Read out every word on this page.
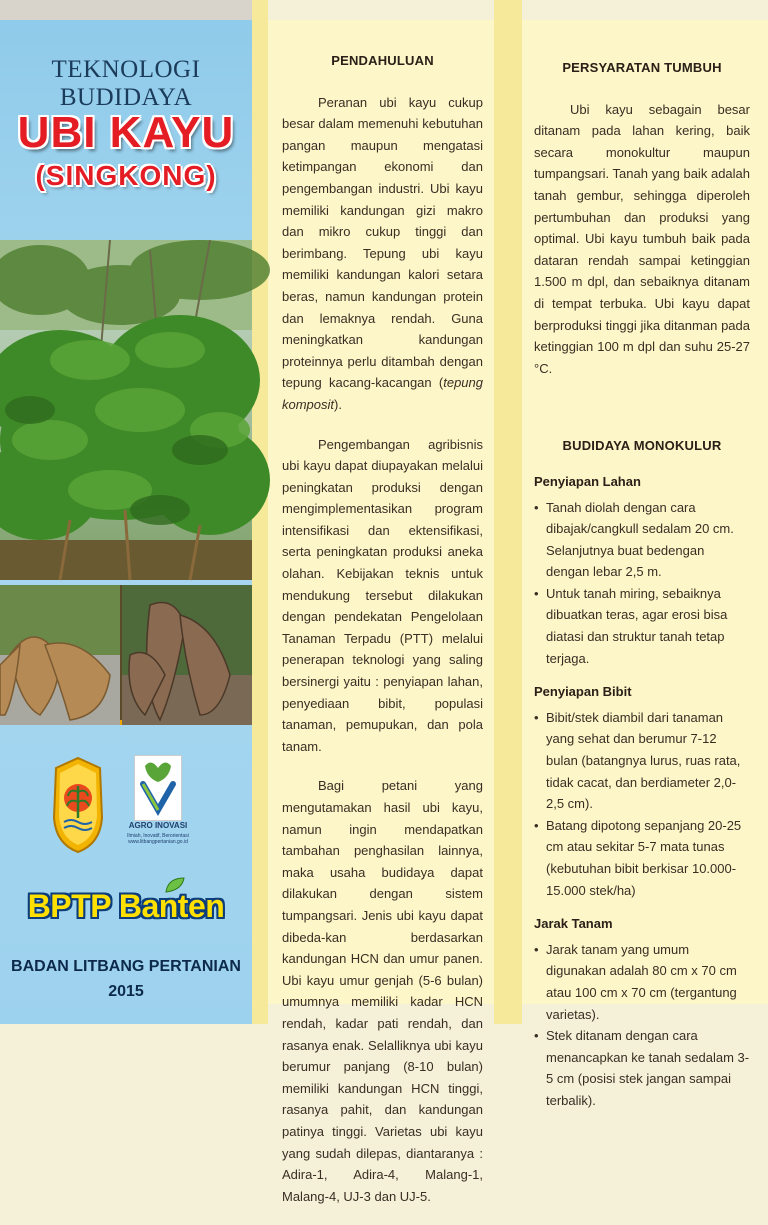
TEKNOLOGI BUDIDAYA
UBI KAYU
(SINGKONG)
AGRO INOVASI
Ilmiah, Inovatif, Berorientasi www.litbangpertanian.go.id
BPTP Banten
BADAN LITBANG PERTANIAN
2015
PENDAHULUAN

Peranan ubi kayu cukup besar dalam memenuhi kebutuhan pangan maupun mengatasi ketimpangan ekonomi dan pengembangan industri. Ubi kayu memiliki kandungan gizi makro dan mikro cukup tinggi dan berimbang. Tepung ubi kayu memiliki kandungan kalori setara beras, namun kandungan protein dan lemaknya rendah. Guna meningkatkan kandungan proteinnya perlu ditambah dengan tepung kacang-kacangan (tepung komposit).

Pengembangan agribisnis ubi kayu dapat diupayakan melalui peningkatan produksi dengan mengimplementasikan program intensifikasi dan ektensifikasi, serta peningkatan produksi aneka olahan. Kebijakan teknis untuk mendukung tersebut dilakukan dengan pendekatan Pengelolaan Tanaman Terpadu (PTT) melalui penerapan teknologi yang saling bersinergi yaitu : penyiapan lahan, penyediaan bibit, populasi tanaman, pemupukan, dan pola tanam.

Bagi petani yang mengutamakan hasil ubi kayu, namun ingin mendapatkan tambahan penghasilan lainnya, maka usaha budidaya dapat dilakukan dengan sistem tumpangsari. Jenis ubi kayu dapat dibeda-kan berdasarkan kandungan HCN dan umur panen. Ubi kayu umur genjah (5-6 bulan) umumnya memiliki kadar HCN rendah, kadar pati rendah, dan rasanya enak. Selalliknya ubi kayu berumur panjang (8-10 bulan) memiliki kandungan HCN tinggi, rasanya pahit, dan kandungan patinya tinggi. Varietas ubi kayu yang sudah dilepas, diantaranya : Adira-1, Adira-4, Malang-1, Malang-4, UJ-3 dan UJ-5.

PERSYARATAN TUMBUH

Ubi kayu sebagain besar ditanam pada lahan kering, baik secara monokultur maupun tumpangsari. Tanah yang baik adalah tanah gembur, sehingga diperoleh pertumbuhan dan produksi yang optimal. Ubi kayu tumbuh baik pada dataran rendah sampai ketinggian 1.500 m dpl, dan sebaiknya ditanam di tempat terbuka. Ubi kayu dapat berproduksi tinggi jika ditanman pada ketinggian 100 m dpl dan suhu 25-27 °C.

BUDIDAYA MONOKULUR
Penyiapan Lahan
• Tanah diolah dengan cara dibajak/cangkull sedalam 20 cm. Selanjutnya buat bedengan dengan lebar 2,5 m.
• Untuk tanah miring, sebaiknya dibuatkan teras, agar erosi bisa diatasi dan struktur tanah tetap terjaga.
Penyiapan Bibit
• Bibit/stek diambil dari tanaman yang sehat dan berumur 7-12 bulan (batangnya lurus, ruas rata, tidak cacat, dan berdiameter 2,0-2,5 cm).
• Batang dipotong sepanjang 20-25 cm atau sekitar 5-7 mata tunas (kebutuhan bibit berkisar 10.000-15.000 stek/ha)
Jarak Tanam
• Jarak tanam yang umum digunakan adalah 80 cm x 70 cm atau 100 cm x 70 cm (tergantung varietas).
• Stek ditanam dengan cara menancapkan ke tanah sedalam 3-5 cm (posisi stek jangan sampai terbalik).
